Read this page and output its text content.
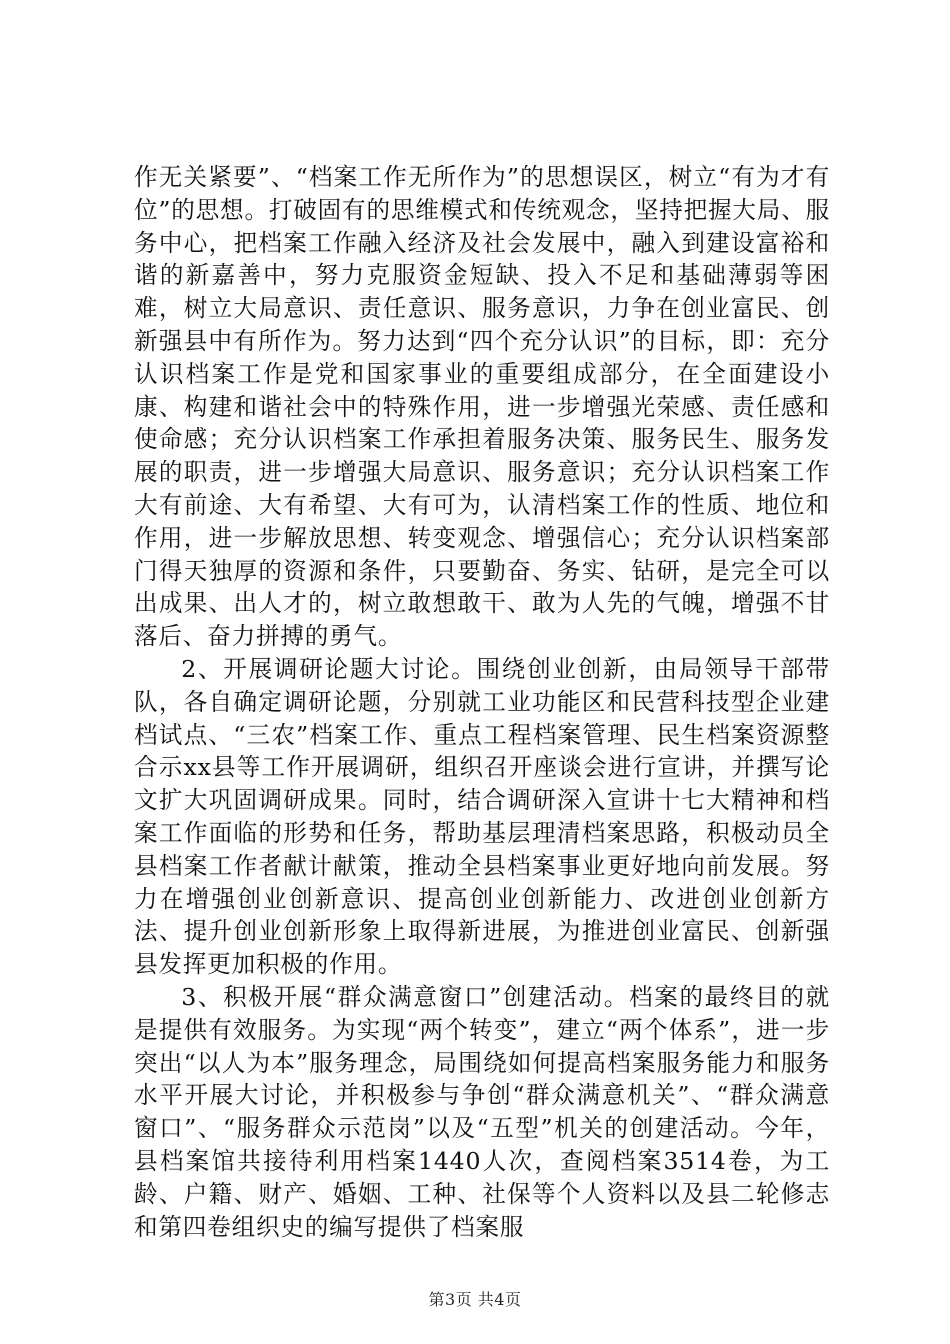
作无关紧要”、“档案工作无所作为”的思想误区，树立“有为才有位”的思想。打破固有的思维模式和传统观念，坚持把握大局、服务中心，把档案工作融入经济及社会发展中，融入到建设富裕和谐的新嘉善中，努力克服资金短缺、投入不足和基础薄弱等困难，树立大局意识、责任意识、服务意识，力争在创业富民、创新强县中有所作为。努力达到“四个充分认识”的目标，即：充分认识档案工作是党和国家事业的重要组成部分，在全面建设小康、构建和谐社会中的特殊作用，进一步增强光荣感、责任感和使命感；充分认识档案工作承担着服务决策、服务民生、服务发展的职责，进一步增强大局意识、服务意识；充分认识档案工作大有前途、大有希望、大有可为，认清档案工作的性质、地位和作用，进一步解放思想、转变观念、增强信心；充分认识档案部门得天独厚的资源和条件，只要勤奋、务实、钻研，是完全可以出成果、出人才的，树立敢想敢干、敢为人先的气魄，增强不甘落后、奋力拼搏的勇气。

2、开展调研论题大讨论。围绕创业创新，由局领导干部带队，各自确定调研论题，分别就工业功能区和民营科技型企业建档试点、“三农”档案工作、重点工程档案管理、民生档案资源整合示xx县等工作开展调研，组织召开座谈会进行宣讲，并撰写论文扩大巩固调研成果。同时，结合调研深入宣讲十七大精神和档案工作面临的形势和任务，帮助基层理清档案思路，积极动员全县档案工作者献计献策，推动全县档案事业更好地向前发展。努力在增强创业创新意识、提高创业创新能力、改进创业创新方法、提升创业创新形象上取得新进展，为推进创业富民、创新强县发挥更加积极的作用。

3、积极开展“群众满意窗口”创建活动。档案的最终目的就是提供有效服务。为实现“两个转变”，建立“两个体系”，进一步突出“以人为本”服务理念，局围绕如何提高档案服务能力和服务水平开展大讨论，并积极参与争创“群众满意机关”、“群众满意窗口”、“服务群众示范岗”以及“五型”机关的创建活动。今年，县档案馆共接待利用档案1440人次，查阅档案3514卷，为工龄、户籍、财产、婚姻、工种、社保等个人资料以及县二轮修志和第四卷组织史的编写提供了档案服

第3页 共4页
